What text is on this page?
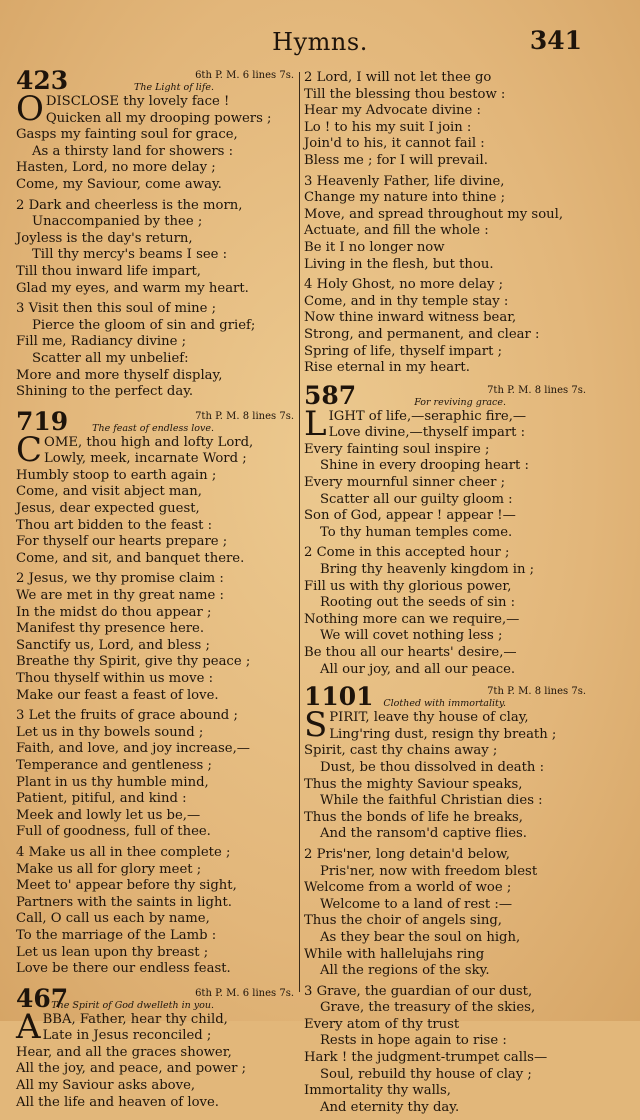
Hymns.	341
423	6th P. M. 6 lines 7s.
The Light of life.
O DISCLOSE thy lovely face !
Quicken all my drooping powers ;
Gasps my fainting soul for grace,
As a thirsty land for showers :
Hasten, Lord, no more delay ;
Come, my Saviour, come away.
2 Dark and cheerless is the morn,
Unaccompanied by thee ;
Joyless is the day's return,
Till thy mercy's beams I see :
Till thou inward life impart,
Glad my eyes, and warm my heart.
3 Visit then this soul of mine ;
Pierce the gloom of sin and grief;
Fill me, Radiancy divine ;
Scatter all my unbelief:
More and more thyself display,
Shining to the perfect day.
719	7th P. M. 8 lines 7s.
The feast of endless love.
C OME, thou high and lofty Lord,
Lowly, meek, incarnate Word ;
Humbly stoop to earth again ;
Come, and visit abject man,
Jesus, dear expected guest,
Thou art bidden to the feast :
For thyself our hearts prepare ;
Come, and sit, and banquet there.
2 Jesus, we thy promise claim :
We are met in thy great name :
In the midst do thou appear ;
Manifest thy presence here.
Sanctify us, Lord, and bless ;
Breathe thy Spirit, give thy peace ;
Thou thyself within us move :
Make our feast a feast of love.
3 Let the fruits of grace abound ;
Let us in thy bowels sound ;
Faith, and love, and joy increase,—
Temperance and gentleness ;
Plant in us thy humble mind,
Patient, pitiful, and kind :
Meek and lowly let us be,—
Full of goodness, full of thee.
4 Make us all in thee complete ;
Make us all for glory meet ;
Meet to' appear before thy sight,
Partners with the saints in light.
Call, O call us each by name,
To the marriage of the Lamb :
Let us lean upon thy breast ;
Love be there our endless feast.
467	6th P. M. 6 lines 7s.
The Spirit of God dwelleth in you.
A BBA, Father, hear thy child,
Late in Jesus reconciled ;
Hear, and all the graces shower,
All the joy, and peace, and power ;
All my Saviour asks above,
All the life and heaven of love.
2 Lord, I will not let thee go
Till the blessing thou bestow :
Hear my Advocate divine :
Lo ! to his my suit I join :
Join'd to his, it cannot fail :
Bless me ; for I will prevail.
3 Heavenly Father, life divine,
Change my nature into thine ;
Move, and spread throughout my soul,
Actuate, and fill the whole :
Be it I no longer now
Living in the flesh, but thou.
4 Holy Ghost, no more delay ;
Come, and in thy temple stay :
Now thine inward witness bear,
Strong, and permanent, and clear :
Spring of life, thyself impart ;
Rise eternal in my heart.
587	7th P. M. 8 lines 7s.
For reviving grace.
L IGHT of life,—seraphic fire,—
Love divine,—thyself impart :
Every fainting soul inspire ;
Shine in every drooping heart :
Every mournful sinner cheer ;
Scatter all our guilty gloom :
Son of God, appear ! appear !—
To thy human temples come.
2 Come in this accepted hour ;
Bring thy heavenly kingdom in ;
Fill us with thy glorious power,
Rooting out the seeds of sin :
Nothing more can we require,—
We will covet nothing less ;
Be thou all our hearts' desire,—
All our joy, and all our peace.
1101	7th P. M. 8 lines 7s.
Clothed with immortality.
S PIRIT, leave thy house of clay,
Ling'ring dust, resign thy breath ;
Spirit, cast thy chains away ;
Dust, be thou dissolved in death :
Thus the mighty Saviour speaks,
While the faithful Christian dies :
Thus the bonds of life he breaks,
And the ransom'd captive flies.
2 Pris'ner, long detain'd below,
Pris'ner, now with freedom blest
Welcome from a world of woe ;
Welcome to a land of rest :—
Thus the choir of angels sing,
As they bear the soul on high,
While with hallelujahs ring
All the regions of the sky.
3 Grave, the guardian of our dust,
Grave, the treasury of the skies,
Every atom of thy trust
Rests in hope again to rise :
Hark ! the judgment-trumpet calls—
Soul, rebuild thy house of clay ;
Immortality thy walls,
And eternity thy day.
